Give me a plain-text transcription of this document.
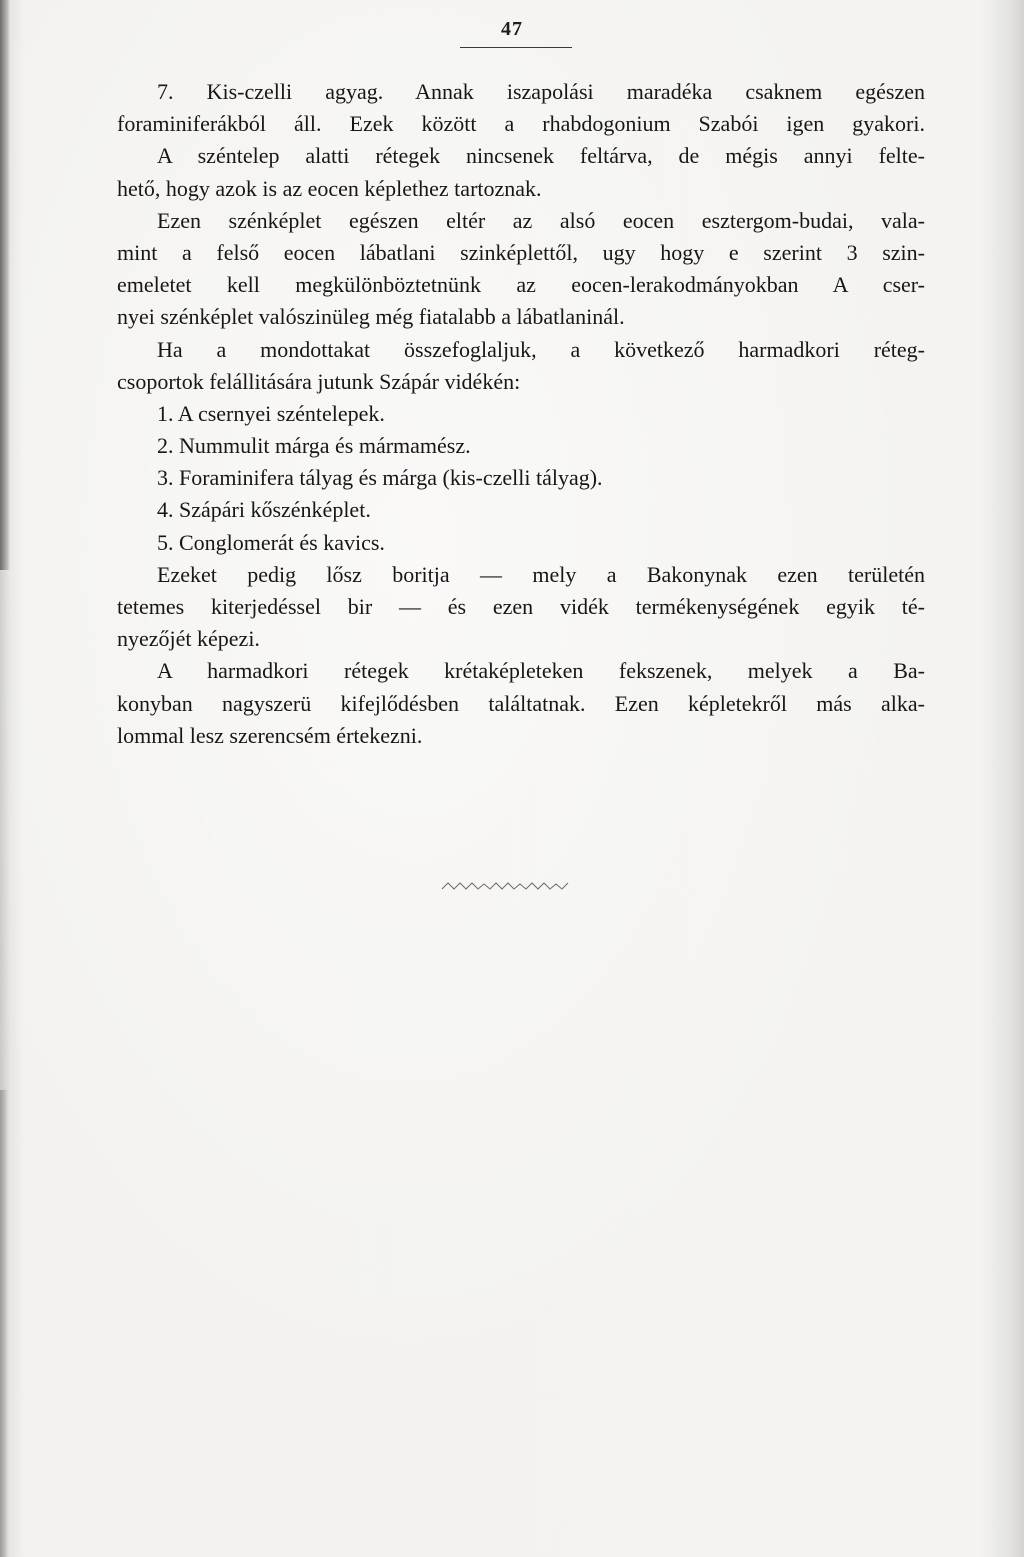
47
7. Kis-czelli agyag. Annak iszapolási maradéka csaknem egészen
foraminiferákból áll. Ezek között a rhabdogonium Szabói igen gyakori.
A széntelep alatti rétegek nincsenek feltárva, de mégis annyi felte-
hető, hogy azok is az eocen képlethez tartoznak.
Ezen szénképlet egészen eltér az alsó eocen esztergom-budai, vala-
mint a felső eocen lábatlani szinképlettől, ugy hogy e szerint 3 szin-
emeletet kell megkülönböztetnünk az eocen-lerakodmányokban A cser-
nyei szénképlet valószinüleg még fiatalabb a lábatlaninál.
Ha a mondottakat összefoglaljuk, a következő harmadkori réteg-
csoportok felállitására jutunk Szápár vidékén:
1. A csernyei széntelepek.
2. Nummulit márga és mármamész.
3. Foraminifera tályag és márga (kis-czelli tályag).
4. Szápári kőszénképlet.
5. Conglomerát és kavics.
Ezeket pedig lősz boritja — mely a Bakonynak ezen területén
tetemes kiterjedéssel bir — és ezen vidék termékenységének egyik té-
nyezőjét képezi.
A harmadkori rétegek krétaképleteken fekszenek, melyek a Ba-
konyban nagyszerü kifejlődésben találtatnak. Ezen képletekről más alka-
lommal lesz szerencsém értekezni.
